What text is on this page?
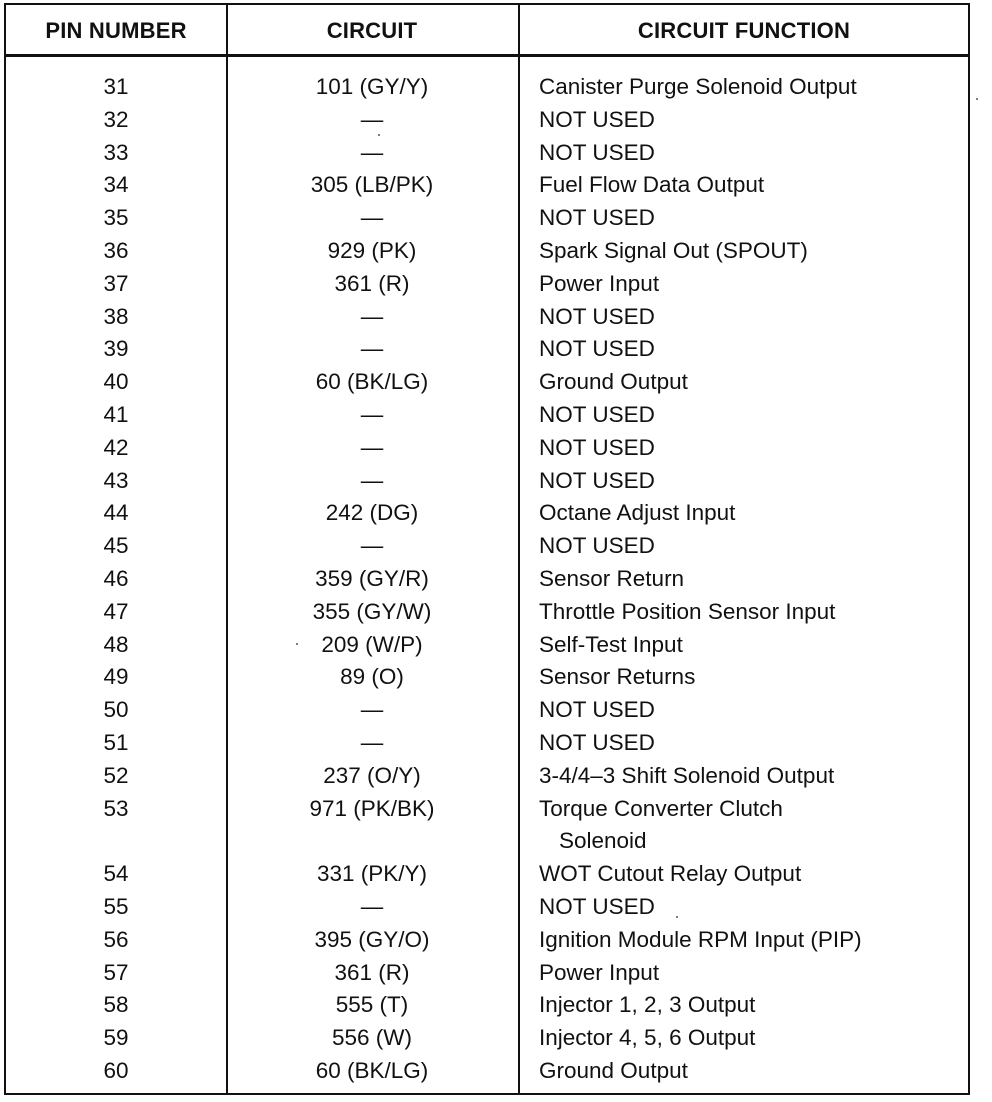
PIN NUMBER	CIRCUIT	CIRCUIT FUNCTION
31	101 (GY/Y)	Canister Purge Solenoid Output
32	—	NOT USED
33	—	NOT USED
34	305 (LB/PK)	Fuel Flow Data Output
35	—	NOT USED
36	929 (PK)	Spark Signal Out (SPOUT)
37	361 (R)	Power Input
38	—	NOT USED
39	—	NOT USED
40	60 (BK/LG)	Ground Output
41	—	NOT USED
42	—	NOT USED
43	—	NOT USED
44	242 (DG)	Octane Adjust Input
45	—	NOT USED
46	359 (GY/R)	Sensor Return
47	355 (GY/W)	Throttle Position Sensor Input
48	209 (W/P)	Self-Test Input
49	89 (O)	Sensor Returns
50	—	NOT USED
51	—	NOT USED
52	237 (O/Y)	3-4/4–3 Shift Solenoid Output
53	971 (PK/BK)	Torque Converter Clutch
Solenoid
54	331 (PK/Y)	WOT Cutout Relay Output
55	—	NOT USED
56	395 (GY/O)	Ignition Module RPM Input (PIP)
57	361 (R)	Power Input
58	555 (T)	Injector 1, 2, 3 Output
59	556 (W)	Injector 4, 5, 6 Output
60	60 (BK/LG)	Ground Output
